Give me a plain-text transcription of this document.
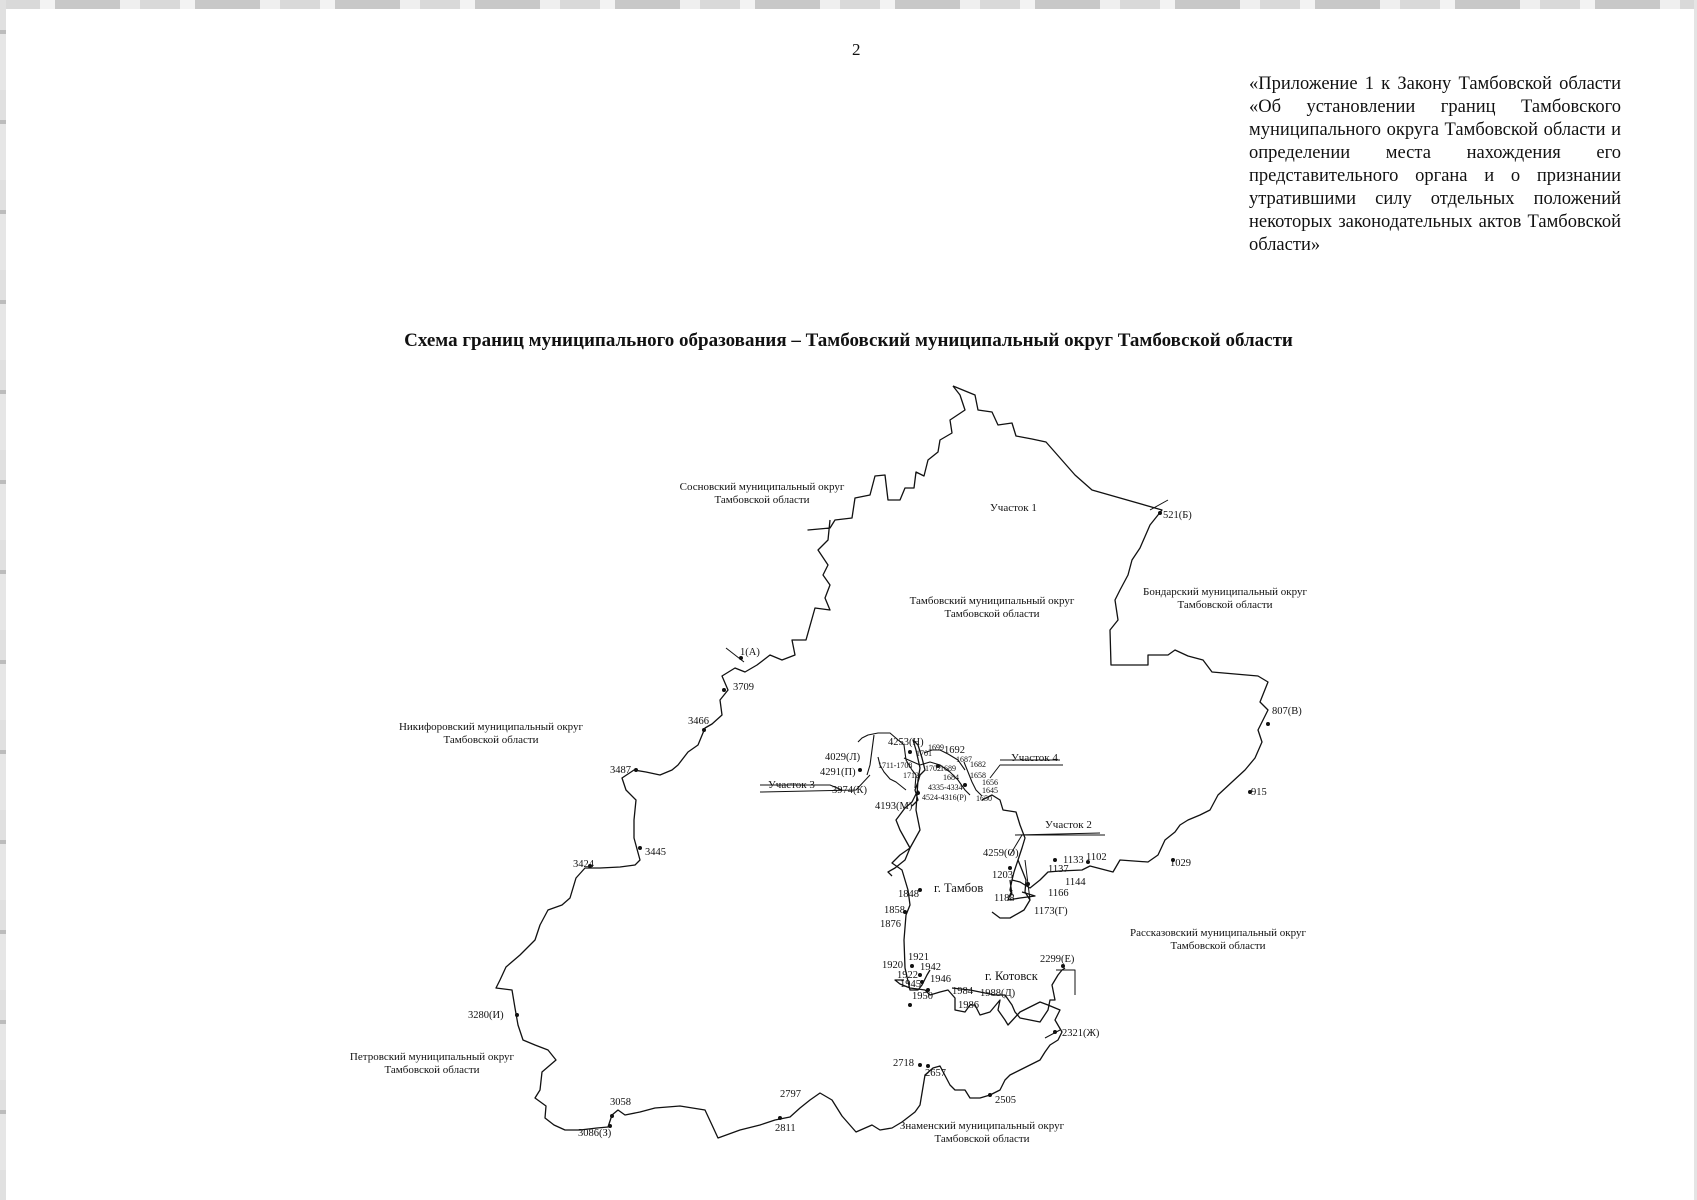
2
«Приложение 1 к Закону Тамбовской области «Об установлении границ Тамбовского муниципального округа Тамбовской области и определении места нахождения его представительного органа и о признании утратившими силу отдельных положений некоторых законодательных актов Тамбовской области»
Схема границ муниципального образования – Тамбовский муниципальный округ Тамбовской области
Сосновский муниципальный округ
Тамбовской области
Тамбовский муниципальный округ
Тамбовской области
Бондарский муниципальный округ
Тамбовской области
Никифоровский муниципальный округ
Тамбовской области
Рассказовский муниципальный округ
Тамбовской области
Петровский муниципальный округ
Тамбовской области
Знаменский муниципальный округ
Тамбовской области
Участок 1
Участок 2
Участок 3
Участок 4
г. Тамбов
г. Котовск
521(Б)
1(А)
3709
3466
3487
3445
3424
3280(И)
3058
3086(З)
2797
2811
2718
2657
2505
2321(Ж)
2299(Е)
1988(Д)
1984
1986
1950
1946
1945
1942
1922
1921
1920
1876
1858
1848	1188
1203
4259(О)
1137
1133 1102
1144
1166
1173(Г)
1029
915
807(В)
4253(Н)
1701
1699 1692
1687
1682
1702 1689
1684 1658
1656
1645
1650
1711-1708
1712
4335-4334
4524-4316(Р)
4029(Л)
4291(П)
3974(К)
4193(М)
